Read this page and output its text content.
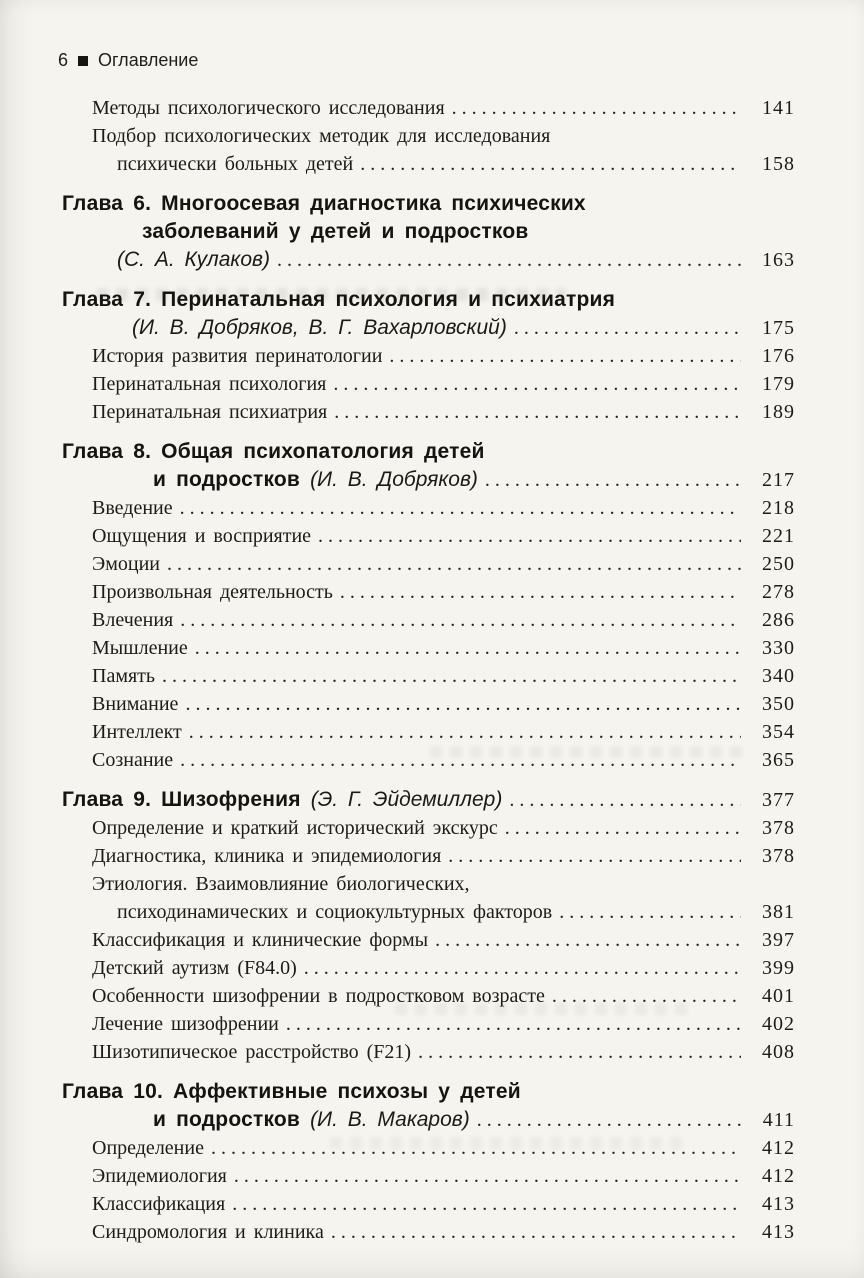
6 Оглавление
Методы психологического исследования .....	141
Подбор психологических методик для исследования
психически больных детей .....	158
Глава 6. Многоосевая диагностика психических
заболеваний у детей и подростков
(С. А. Кулаков) .....	163
Глава 7. Перинатальная психология и психиатрия
(И. В. Добряков, В. Г. Вахарловский) .....	175
История развития перинатологии .....	176
Перинатальная психология .....	179
Перинатальная психиатрия .....	189
Глава 8. Общая психопатология детей
и подростков (И. В. Добряков) .....	217
Введение .....	218
Ощущения и восприятие .....	221
Эмоции .....	250
Произвольная деятельность .....	278
Влечения .....	286
Мышление .....	330
Память .....	340
Внимание .....	350
Интеллект .....	354
Сознание .....	365
Глава 9. Шизофрения (Э. Г. Эйдемиллер) .....	377
Определение и краткий исторический экскурс .....	378
Диагностика, клиника и эпидемиология .....	378
Этиология. Взаимовлияние биологических,
психодинамических и социокультурных факторов .....	381
Классификация и клинические формы .....	397
Детский аутизм (F84.0) .....	399
Особенности шизофрении в подростковом возрасте .....	401
Лечение шизофрении .....	402
Шизотипическое расстройство (F21) .....	408
Глава 10. Аффективные психозы у детей
и подростков (И. В. Макаров) .....	411
Определение .....	412
Эпидемиология .....	412
Классификация .....	413
Синдромология и клиника .....	413
